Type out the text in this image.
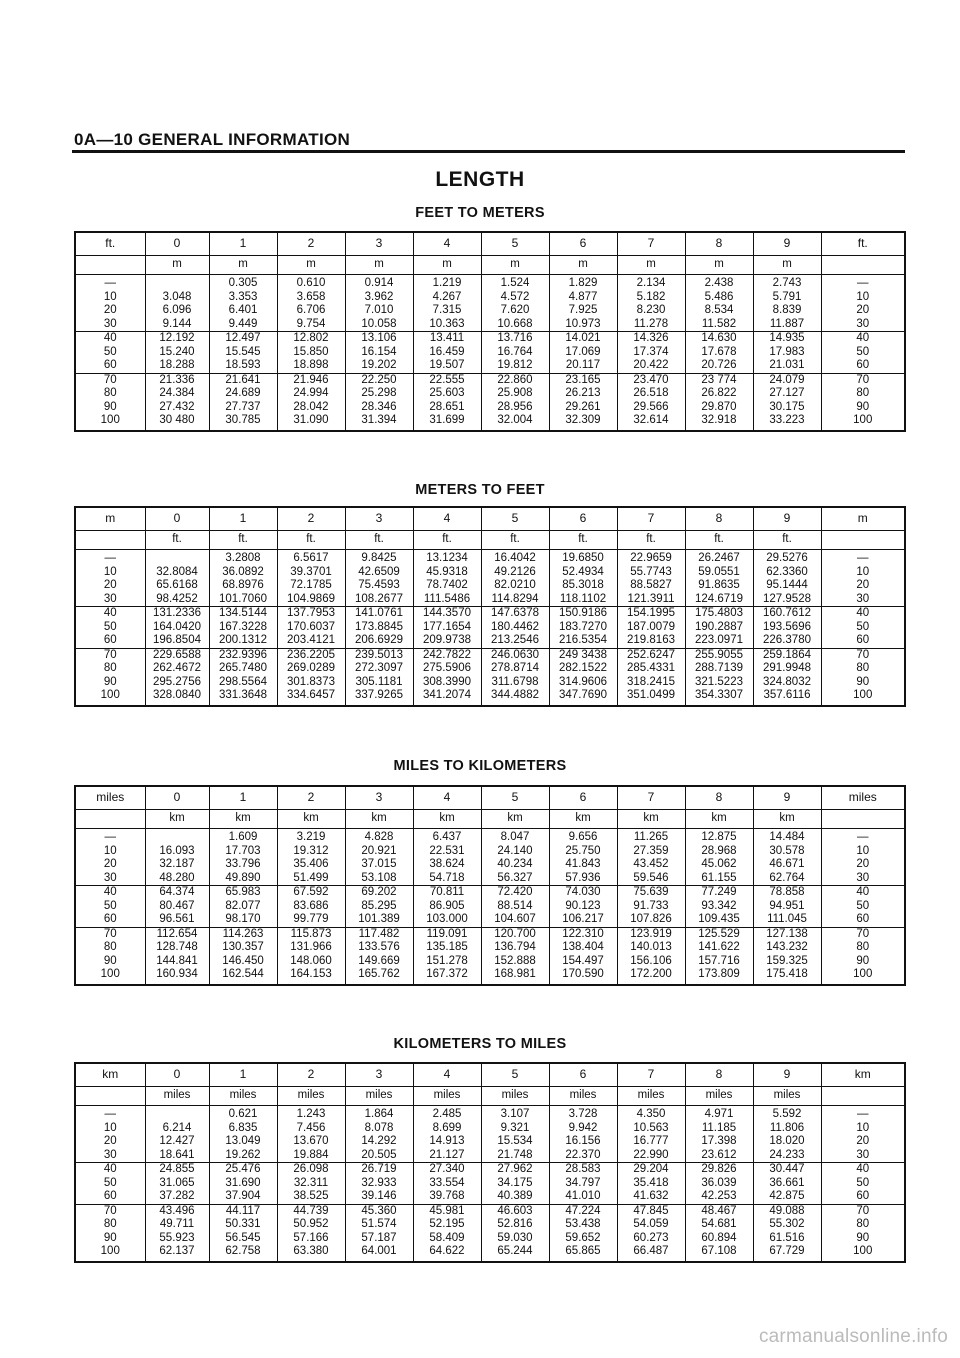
0A—10 GENERAL INFORMATION
LENGTH
FEET TO METERS
ft.	0	1	2	3	4	5	6	7	8	9	ft.
	m	m	m	m	m	m	m	m	m	m	
—		0.305	0.610	0.914	1.219	1.524	1.829	2.134	2.438	2.743	—
10	3.048	3.353	3.658	3.962	4.267	4.572	4.877	5.182	5.486	5.791	10
20	6.096	6.401	6.706	7.010	7.315	7.620	7.925	8.230	8.534	8.839	20
30	9.144	9.449	9.754	10.058	10.363	10.668	10.973	11.278	11.582	11.887	30
40	12.192	12.497	12.802	13.106	13.411	13.716	14.021	14.326	14.630	14.935	40
50	15.240	15.545	15.850	16.154	16.459	16.764	17.069	17.374	17.678	17.983	50
60	18.288	18.593	18.898	19.202	19.507	19.812	20.117	20.422	20.726	21.031	60
70	21.336	21.641	21.946	22.250	22.555	22.860	23.165	23.470	23 774	24.079	70
80	24.384	24.689	24.994	25.298	25.603	25.908	26.213	26.518	26.822	27.127	80
90	27.432	27.737	28.042	28.346	28.651	28.956	29.261	29.566	29.870	30.175	90
100	30 480	30.785	31.090	31.394	31.699	32.004	32.309	32.614	32.918	33.223	100
METERS TO FEET
m	0	1	2	3	4	5	6	7	8	9	m
	ft.	ft.	ft.	ft.	ft.	ft.	ft.	ft.	ft.	ft.	
—		3.2808	6.5617	9.8425	13.1234	16.4042	19.6850	22.9659	26.2467	29.5276	—
10	32.8084	36.0892	39.3701	42.6509	45.9318	49.2126	52.4934	55.7743	59.0551	62.3360	10
20	65.6168	68.8976	72.1785	75.4593	78.7402	82.0210	85.3018	88.5827	91.8635	95.1444	20
30	98.4252	101.7060	104.9869	108.2677	111.5486	114.8294	118.1102	121.3911	124.6719	127.9528	30
40	131.2336	134.5144	137.7953	141.0761	144.3570	147.6378	150.9186	154.1995	175.4803	160.7612	40
50	164.0420	167.3228	170.6037	173.8845	177.1654	180.4462	183.7270	187.0079	190.2887	193.5696	50
60	196.8504	200.1312	203.4121	206.6929	209.9738	213.2546	216.5354	219.8163	223.0971	226.3780	60
70	229.6588	232.9396	236.2205	239.5013	242.7822	246.0630	249 3438	252.6247	255.9055	259.1864	70
80	262.4672	265.7480	269.0289	272.3097	275.5906	278.8714	282.1522	285.4331	288.7139	291.9948	80
90	295.2756	298.5564	301.8373	305.1181	308.3990	311.6798	314.9606	318.2415	321.5223	324.8032	90
100	328.0840	331.3648	334.6457	337.9265	341.2074	344.4882	347.7690	351.0499	354.3307	357.6116	100
MILES TO KILOMETERS
miles	0	1	2	3	4	5	6	7	8	9	miles
	km	km	km	km	km	km	km	km	km	km	
—		1.609	3.219	4.828	6.437	8.047	9.656	11.265	12.875	14.484	—
10	16.093	17.703	19.312	20.921	22.531	24.140	25.750	27.359	28.968	30.578	10
20	32.187	33.796	35.406	37.015	38.624	40.234	41.843	43.452	45.062	46.671	20
30	48.280	49.890	51.499	53.108	54.718	56.327	57.936	59.546	61.155	62.764	30
40	64.374	65.983	67.592	69.202	70.811	72.420	74.030	75.639	77.249	78.858	40
50	80.467	82.077	83.686	85.295	86.905	88.514	90.123	91.733	93.342	94.951	50
60	96.561	98.170	99.779	101.389	103.000	104.607	106.217	107.826	109.435	111.045	60
70	112.654	114.263	115.873	117.482	119.091	120.700	122.310	123.919	125.529	127.138	70
80	128.748	130.357	131.966	133.576	135.185	136.794	138.404	140.013	141.622	143.232	80
90	144.841	146.450	148.060	149.669	151.278	152.888	154.497	156.106	157.716	159.325	90
100	160.934	162.544	164.153	165.762	167.372	168.981	170.590	172.200	173.809	175.418	100
KILOMETERS TO MILES
km	0	1	2	3	4	5	6	7	8	9	km
	miles	miles	miles	miles	miles	miles	miles	miles	miles	miles	
—		0.621	1.243	1.864	2.485	3.107	3.728	4.350	4.971	5.592	—
10	6.214	6.835	7.456	8.078	8.699	9.321	9.942	10.563	11.185	11.806	10
20	12.427	13.049	13.670	14.292	14.913	15.534	16.156	16.777	17.398	18.020	20
30	18.641	19.262	19.884	20.505	21.127	21.748	22.370	22.990	23.612	24.233	30
40	24.855	25.476	26.098	26.719	27.340	27.962	28.583	29.204	29.826	30.447	40
50	31.065	31.690	32.311	32.933	33.554	34.175	34.797	35.418	36.039	36.661	50
60	37.282	37.904	38.525	39.146	39.768	40.389	41.010	41.632	42.253	42.875	60
70	43.496	44.117	44.739	45.360	45.981	46.603	47.224	47.845	48.467	49.088	70
80	49.711	50.331	50.952	51.574	52.195	52.816	53.438	54.059	54.681	55.302	80
90	55.923	56.545	57.166	57.187	58.409	59.030	59.652	60.273	60.894	61.516	90
100	62.137	62.758	63.380	64.001	64.622	65.244	65.865	66.487	67.108	67.729	100
carmanualsonline.info
